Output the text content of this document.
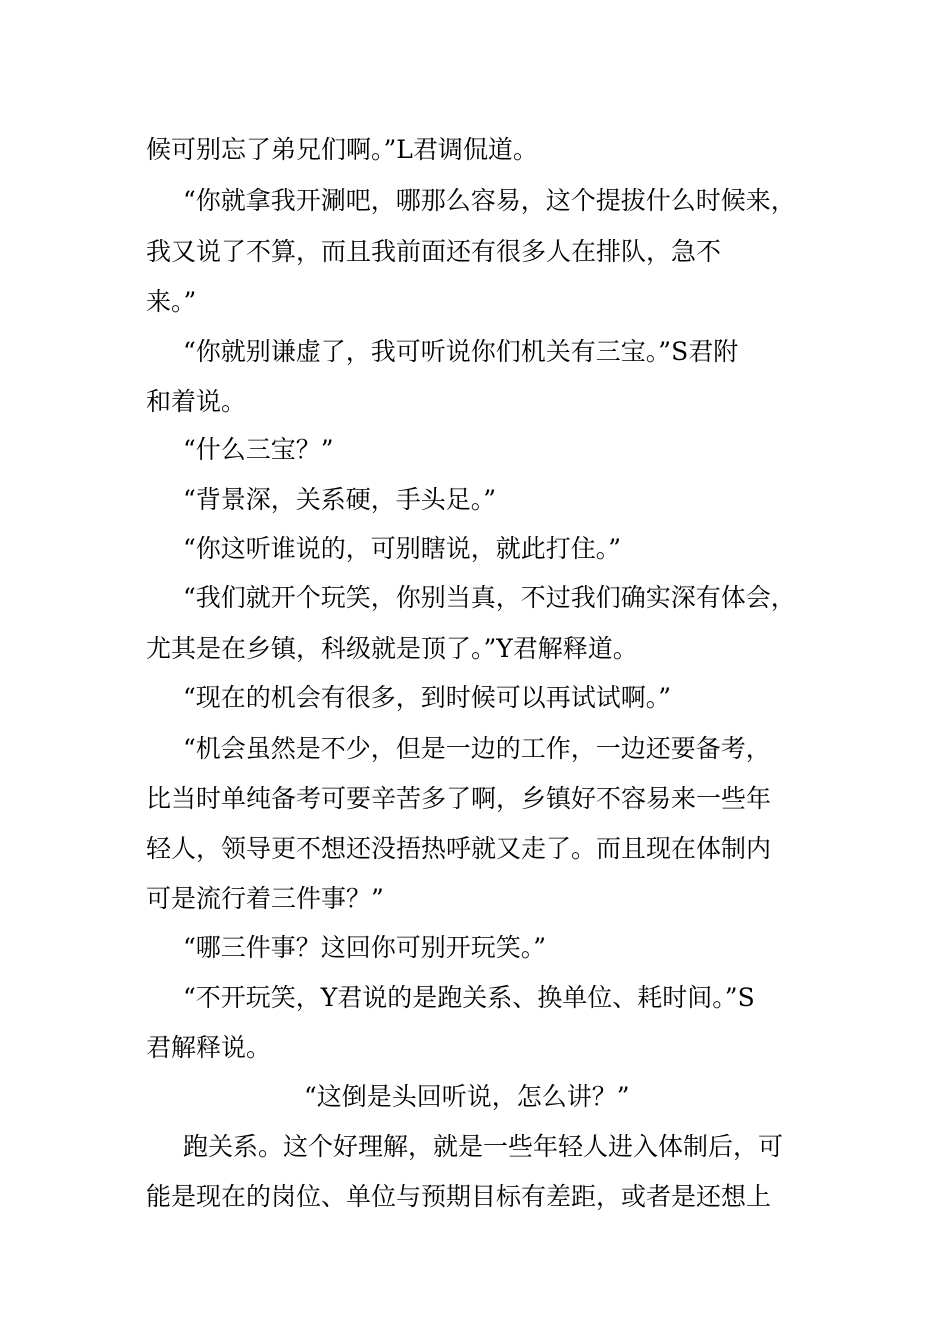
候可别忘了弟兄们啊。”L君调侃道。
“你就拿我开涮吧，哪那么容易，这个提拔什么时候来，
我又说了不算，而且我前面还有很多人在排队，急不
来。”
“你就别谦虚了，我可听说你们机关有三宝。”S君附
和着说。
“什么三宝？”
“背景深，关系硬，手头足。”
“你这听谁说的，可别瞎说，就此打住。”
“我们就开个玩笑，你别当真，不过我们确实深有体会，
尤其是在乡镇，科级就是顶了。”Y君解释道。
“现在的机会有很多，到时候可以再试试啊。”
“机会虽然是不少，但是一边的工作，一边还要备考，
比当时单纯备考可要辛苦多了啊，乡镇好不容易来一些年
轻人，领导更不想还没捂热呼就又走了。而且现在体制内
可是流行着三件事？”
“哪三件事？这回你可别开玩笑。”
“不开玩笑，Y君说的是跑关系、换单位、耗时间。”S
君解释说。
“这倒是头回听说，怎么讲？”
跑关系。这个好理解，就是一些年轻人进入体制后，可
能是现在的岗位、单位与预期目标有差距，或者是还想上
